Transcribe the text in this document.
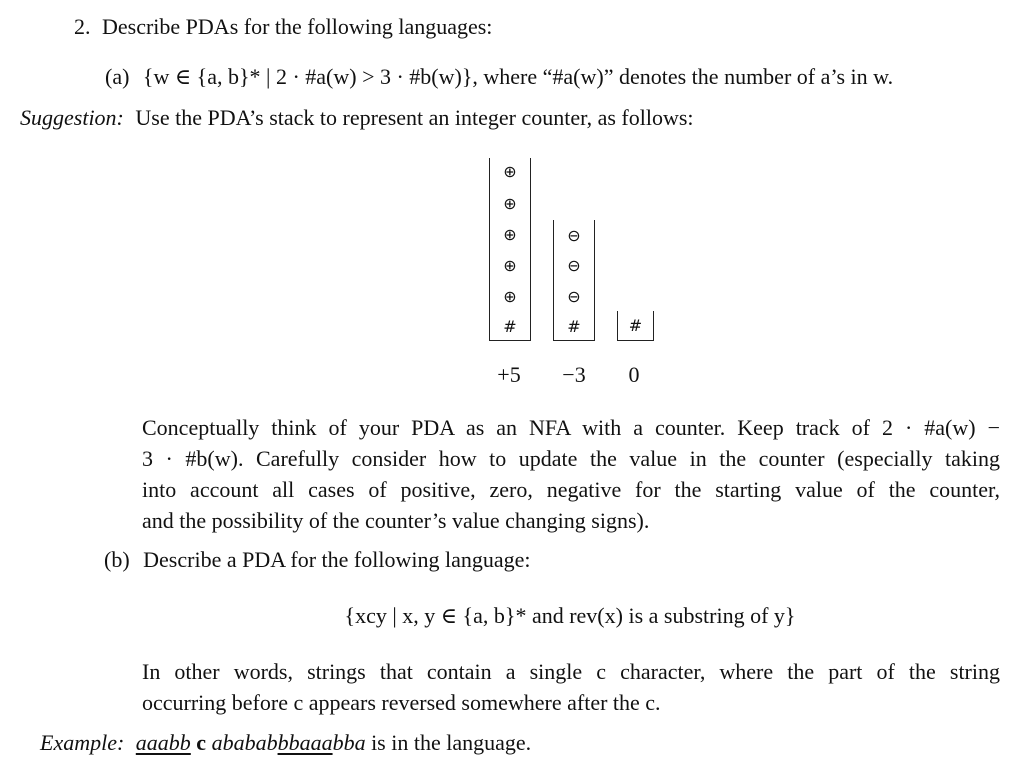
2. Describe PDAs for the following languages:
(a) {w ∈ {a, b}* | 2 · #a(w) > 3 · #b(w)}, where “#a(w)” denotes the number of a’s in w.
Suggestion: Use the PDA’s stack to represent an integer counter, as follows:
⊕
⊕
⊕
⊕
⊕
#
⊖
⊖
⊖
#	#
+5	−3	0
Conceptually think of your PDA as an NFA with a counter. Keep track of 2 · #a(w) −
3 · #b(w). Carefully consider how to update the value in the counter (especially taking
into account all cases of positive, zero, negative for the starting value of the counter,
and the possibility of the counter’s value changing signs).
(b) Describe a PDA for the following language:
{xcy | x, y ∈ {a, b}* and rev(x) is a substring of y}
In other words, strings that contain a single c character, where the part of the string
occurring before c appears reversed somewhere after the c.
Example: aaabb c abababbbaaabba is in the language.
